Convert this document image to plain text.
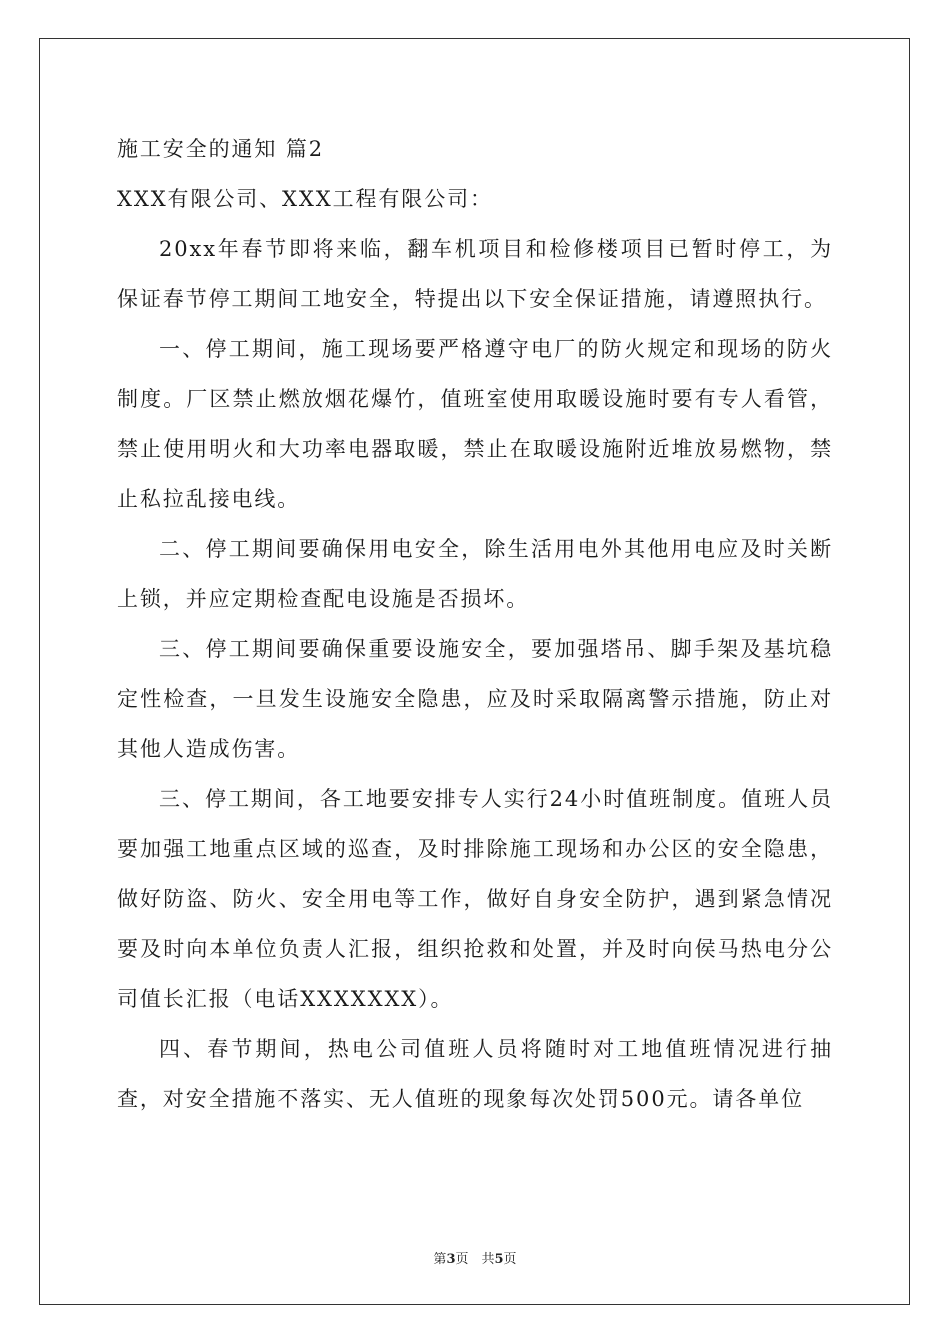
施工安全的通知 篇2
XXX有限公司、XXX工程有限公司：

20xx年春节即将来临，翻车机项目和检修楼项目已暂时停工，为保证春节停工期间工地安全，特提出以下安全保证措施，请遵照执行。

一、停工期间，施工现场要严格遵守电厂的防火规定和现场的防火制度。厂区禁止燃放烟花爆竹，值班室使用取暖设施时要有专人看管，禁止使用明火和大功率电器取暖，禁止在取暖设施附近堆放易燃物，禁止私拉乱接电线。

二、停工期间要确保用电安全，除生活用电外其他用电应及时关断上锁，并应定期检查配电设施是否损坏。

三、停工期间要确保重要设施安全，要加强塔吊、脚手架及基坑稳定性检查，一旦发生设施安全隐患，应及时采取隔离警示措施，防止对其他人造成伤害。

三、停工期间，各工地要安排专人实行24小时值班制度。值班人员要加强工地重点区域的巡查，及时排除施工现场和办公区的安全隐患，做好防盗、防火、安全用电等工作，做好自身安全防护，遇到紧急情况要及时向本单位负责人汇报，组织抢救和处置，并及时向侯马热电分公司值长汇报（电话XXXXXXX）。

四、春节期间，热电公司值班人员将随时对工地值班情况进行抽查，对安全措施不落实、无人值班的现象每次处罚500元。请各单位

第3页　共5页
